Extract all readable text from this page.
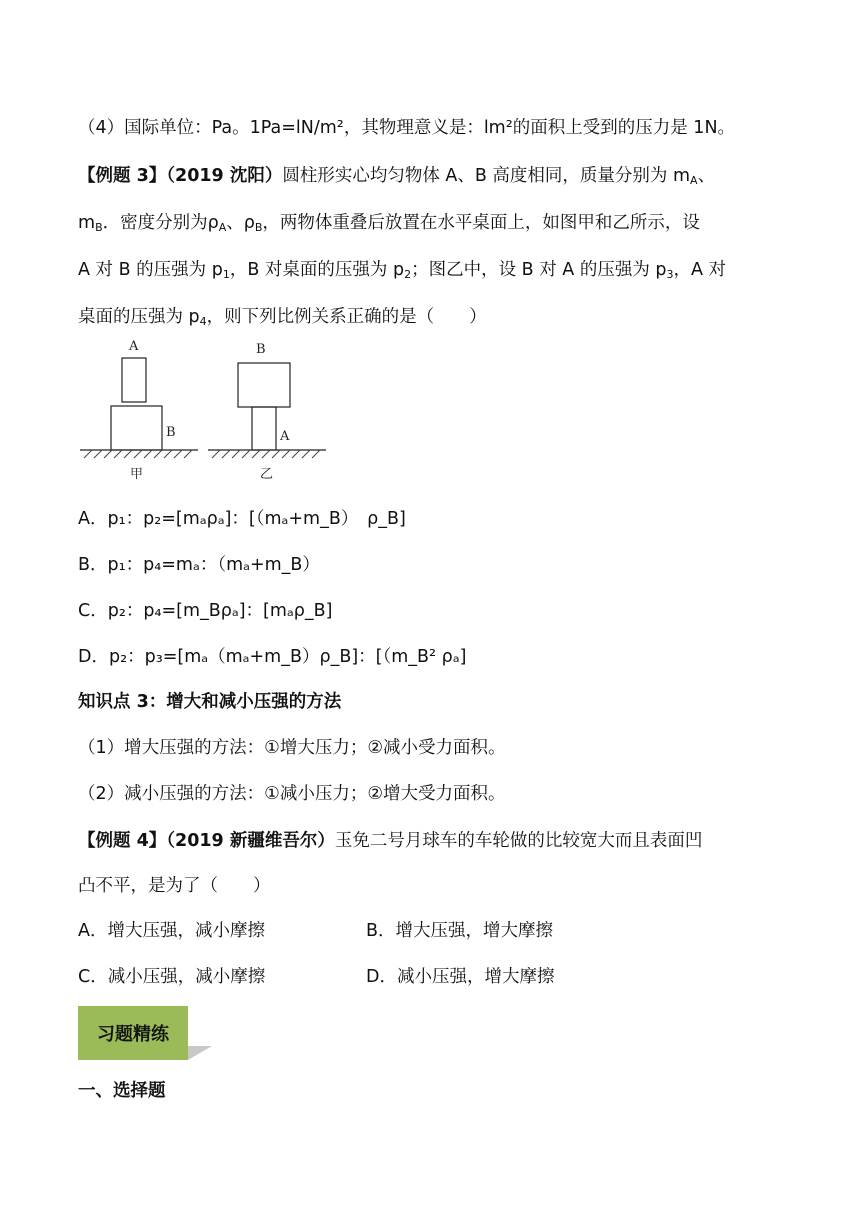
（4）国际单位：Pa。1Pa=lN/m²，其物理意义是：lm²的面积上受到的压力是 1N。
【例题 3】（2019 沈阳）圆柱形实心均匀物体 A、B 高度相同，质量分别为 $m_A$、
$m_B$．密度分别为$\rho_A$、$\rho_B$，两物体重叠后放置在水平桌面上，如图甲和乙所示，设
A 对 B 的压强为 $p_1$，B 对桌面的压强为 $p_2$；图乙中，设 B 对 A 的压强为 $p_3$，A 对
桌面的压强为 $p_4$，则下列比例关系正确的是（　　）
A
B
甲
B
A
乙
A．p₁：p₂=[mₐρₐ]：[（mₐ+m_B）　ρ_B]
B．p₁：p₄=mₐ：（mₐ+m_B）
C．p₂：p₄=[m_Bρₐ]：[mₐρ_B]
D．p₂：p₃=[mₐ（mₐ+m_B）ρ_B]：[（m_B² ρₐ]
知识点 3：增大和减小压强的方法
（1）增大压强的方法：①增大压力；②减小受力面积。
（2）减小压强的方法：①减小压力；②增大受力面积。
【例题 4】（2019 新疆维吾尔）玉免二号月球车的车轮做的比较宽大而且表面凹
凸不平，是为了（　　）
A．增大压强，减小摩擦	B．增大压强，增大摩擦
C．减小压强，减小摩擦	D．减小压强，增大摩擦
习题精练
一、选择题
